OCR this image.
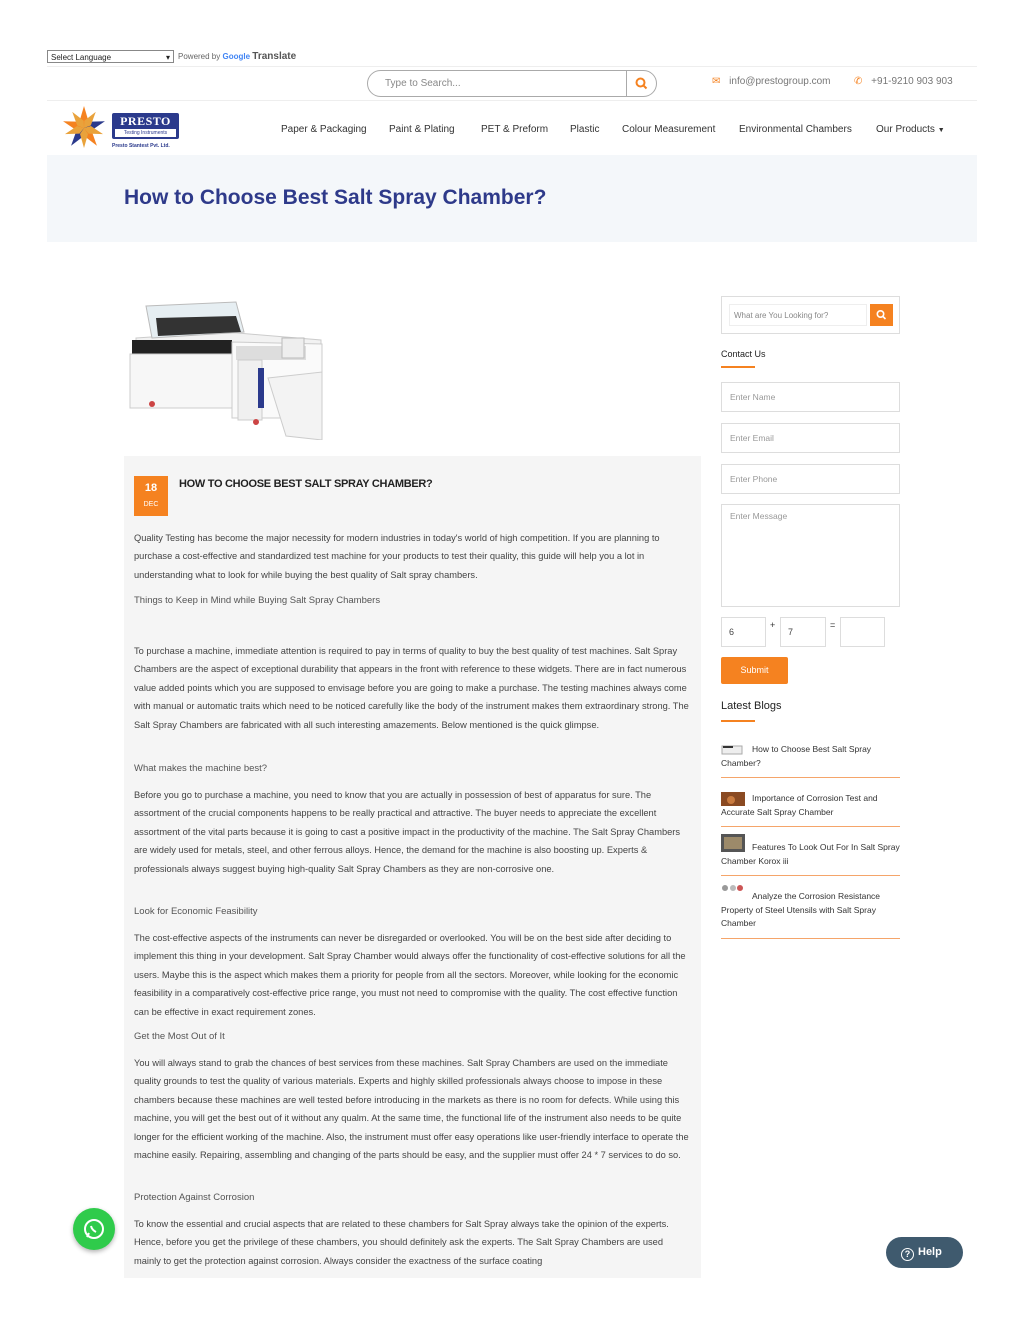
Select Language	▾ Powered by Google Translate
Type to Search...	✉ info@prestogroup.com ✆ +91-9210 903 903
PRESTO
Testing Instruments
Presto Stantest Pvt. Ltd.
Paper & Packaging Paint & Plating	PET & Preform Plastic Colour Measurement Environmental Chambers Our Products ▼
How to Choose Best Salt Spray Chamber?
18
DEC
HOW TO CHOOSE BEST SALT SPRAY CHAMBER?
Quality Testing has become the major necessity for modern industries in today's world of high competition. If you are planning to purchase a cost-effective and standardized test machine for your products to test their quality, this guide will help you a lot in understanding what to look for while buying the best quality of Salt spray chambers.
Things to Keep in Mind while Buying Salt Spray Chambers
To purchase a machine, immediate attention is required to pay in terms of quality to buy the best quality of test machines. Salt Spray Chambers are the aspect of exceptional durability that appears in the front with reference to these widgets. There are in fact numerous value added points which you are supposed to envisage before you are going to make a purchase. The testing machines always come with manual or automatic traits which need to be noticed carefully like the body of the instrument makes them extraordinary strong. The Salt Spray Chambers are fabricated with all such interesting amazements. Below mentioned is the quick glimpse.
What makes the machine best?
Before you go to purchase a machine, you need to know that you are actually in possession of best of apparatus for sure. The assortment of the crucial components happens to be really practical and attractive. The buyer needs to appreciate the excellent assortment of the vital parts because it is going to cast a positive impact in the productivity of the machine. The Salt Spray Chambers are widely used for metals, steel, and other ferrous alloys. Hence, the demand for the machine is also boosting up. Experts & professionals always suggest buying high-quality Salt Spray Chambers as they are non-corrosive one.
Look for Economic Feasibility
The cost-effective aspects of the instruments can never be disregarded or overlooked. You will be on the best side after deciding to implement this thing in your development. Salt Spray Chamber would always offer the functionality of cost-effective solutions for all the users. Maybe this is the aspect which makes them a priority for people from all the sectors. Moreover, while looking for the economic feasibility in a comparatively cost-effective price range, you must not need to compromise with the quality. The cost effective function can be effective in exact requirement zones.
Get the Most Out of It
You will always stand to grab the chances of best services from these machines. Salt Spray Chambers are used on the immediate quality grounds to test the quality of various materials. Experts and highly skilled professionals always choose to impose in these chambers because these machines are well tested before introducing in the markets as there is no room for defects. While using this machine, you will get the best out of it without any qualm. At the same time, the functional life of the instrument also needs to be quite longer for the efficient working of the machine. Also, the instrument must offer easy operations like user-friendly interface to operate the machine easily. Repairing, assembling and changing of the parts should be easy, and the supplier must offer 24 * 7 services to do so.
Protection Against Corrosion
To know the essential and crucial aspects that are related to these chambers for Salt Spray always take the opinion of the experts. Hence, before you get the privilege of these chambers, you should definitely ask the experts. The Salt Spray Chambers are used mainly to get the protection against corrosion. Always consider the exactness of the surface coating
What are You Looking for?
Contact Us
Enter Name
Enter Email
Enter Phone
Enter Message
6
+
7
=
Submit
Latest Blogs
How to Choose Best Salt Spray Chamber?
Importance of Corrosion Test and Accurate Salt Spray Chamber
Features To Look Out For In Salt Spray Chamber Korox iii
Analyze the Corrosion Resistance Property of Steel Utensils with Salt Spray Chamber
? Help
